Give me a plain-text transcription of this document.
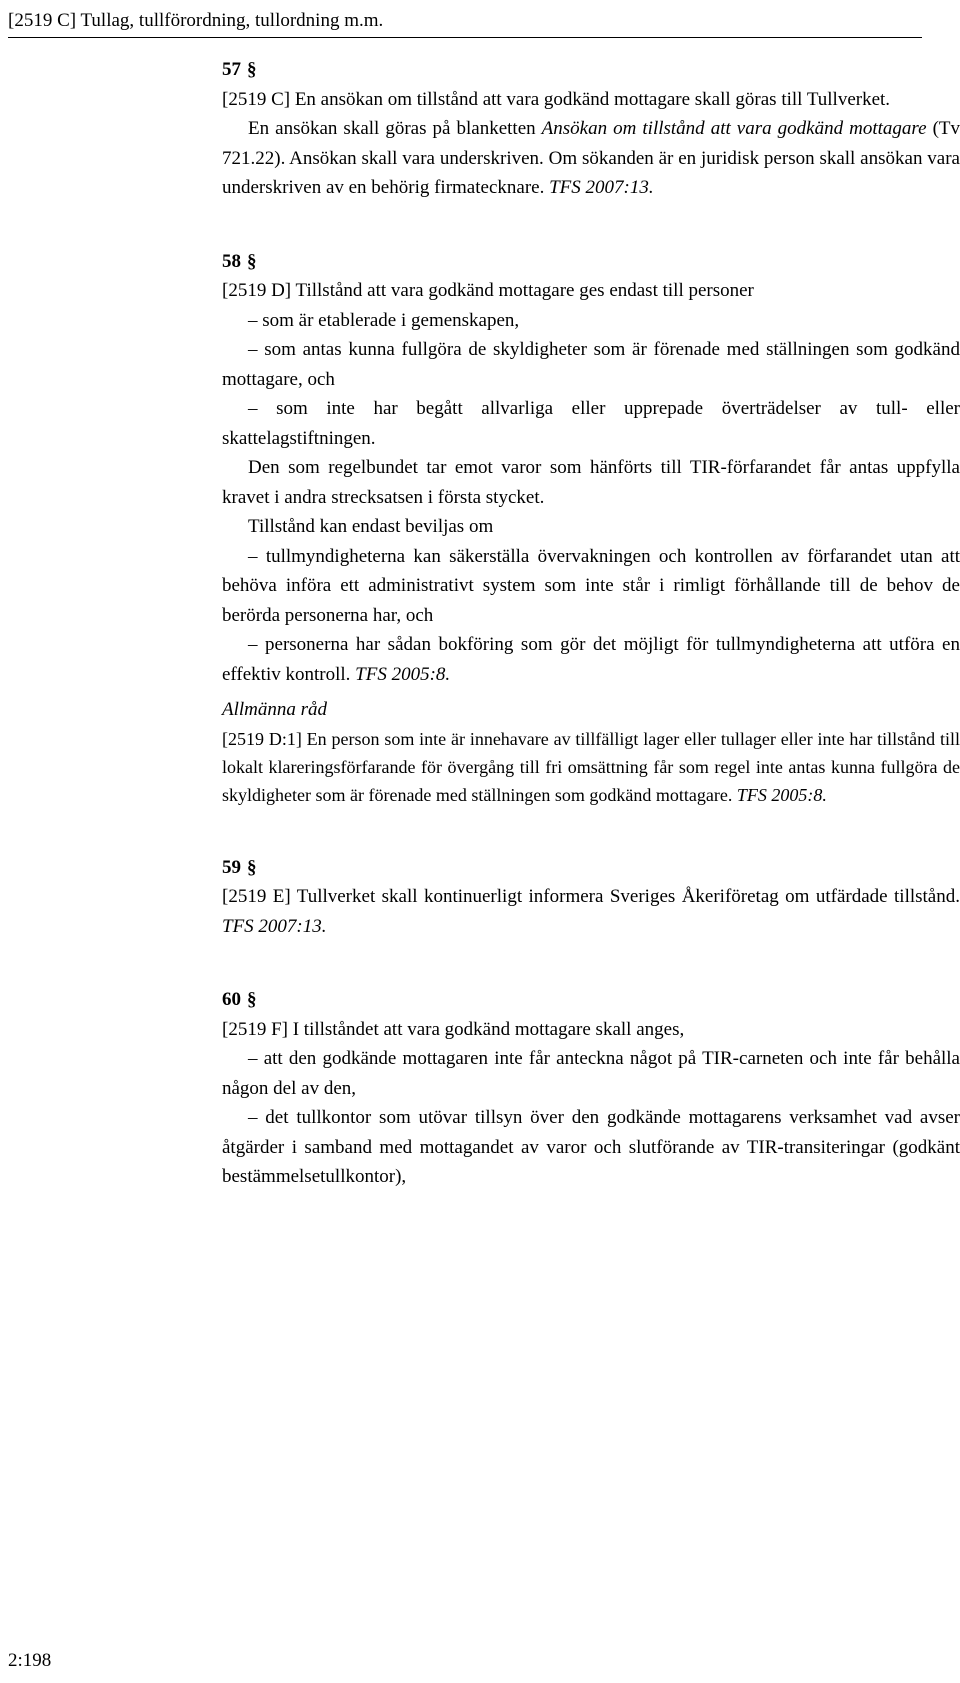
[2519 C] Tullag, tullförordning, tullordning m.m.

57 §

[2519 C] En ansökan om tillstånd att vara godkänd mottagare skall göras till Tullverket.

En ansökan skall göras på blanketten Ansökan om tillstånd att vara godkänd mottagare (Tv 721.22). Ansökan skall vara underskriven. Om sökanden är en juridisk person skall ansökan vara underskriven av en behörig firmatecknare. TFS 2007:13.

58 §

[2519 D] Tillstånd att vara godkänd mottagare ges endast till personer

– som är etablerade i gemenskapen,

– som antas kunna fullgöra de skyldigheter som är förenade med ställningen som godkänd mottagare, och

– som inte har begått allvarliga eller upprepade överträdelser av tull- eller skattelagstiftningen.

Den som regelbundet tar emot varor som hänförts till TIR-förfarandet får antas uppfylla kravet i andra strecksatsen i första stycket.

Tillstånd kan endast beviljas om

– tullmyndigheterna kan säkerställa övervakningen och kontrollen av förfarandet utan att behöva införa ett administrativt system som inte står i rimligt förhållande till de behov de berörda personerna har, och

– personerna har sådan bokföring som gör det möjligt för tullmyndigheterna att utföra en effektiv kontroll. TFS 2005:8.

Allmänna råd

[2519 D:1] En person som inte är innehavare av tillfälligt lager eller tullager eller inte har tillstånd till lokalt klareringsförfarande för övergång till fri omsättning får som regel inte antas kunna fullgöra de skyldigheter som är förenade med ställningen som godkänd mottagare. TFS 2005:8.

59 §

[2519 E] Tullverket skall kontinuerligt informera Sveriges Åkeriföretag om utfärdade tillstånd. TFS 2007:13.

60 §

[2519 F] I tillståndet att vara godkänd mottagare skall anges,

– att den godkände mottagaren inte får anteckna något på TIR-carneten och inte får behålla någon del av den,

– det tullkontor som utövar tillsyn över den godkände mottagarens verksamhet vad avser åtgärder i samband med mottagandet av varor och slutförande av TIR-transiteringar (godkänt bestämmelsetullkontor),

2:198
